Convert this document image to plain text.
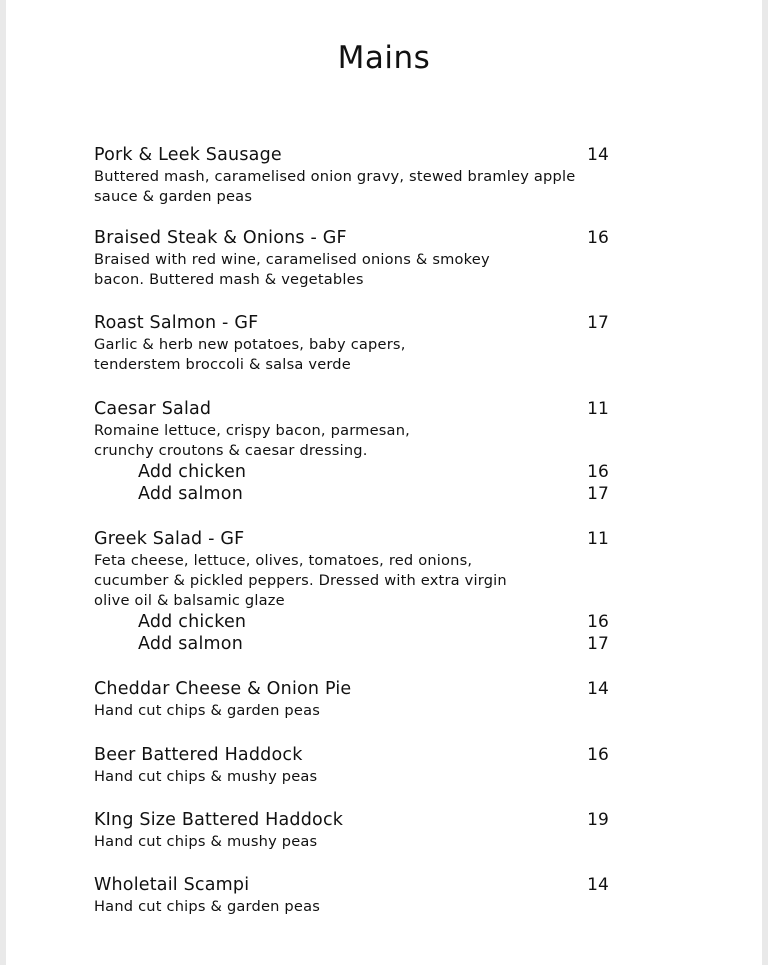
Mains
Pork & Leek Sausage	14
Buttered mash, caramelised onion gravy, stewed bramley apple
sauce & garden peas
Braised Steak & Onions - GF	16
Braised with red wine, caramelised onions & smokey
bacon. Buttered mash & vegetables
Roast Salmon - GF	17
Garlic & herb new potatoes, baby capers,
tenderstem broccoli & salsa verde
Caesar Salad	11
Romaine lettuce, crispy bacon, parmesan,
crunchy croutons & caesar dressing.
Add chicken	16
Add salmon	17
Greek Salad - GF	11
Feta cheese, lettuce, olives, tomatoes, red onions,
cucumber & pickled peppers. Dressed with extra virgin
olive oil & balsamic glaze
Add chicken	16
Add salmon	17
Cheddar Cheese & Onion Pie	14
Hand cut chips & garden peas
Beer Battered Haddock	16
Hand cut chips & mushy peas
KIng Size Battered Haddock	19
Hand cut chips & mushy peas
Wholetail Scampi	14
Hand cut chips & garden peas
